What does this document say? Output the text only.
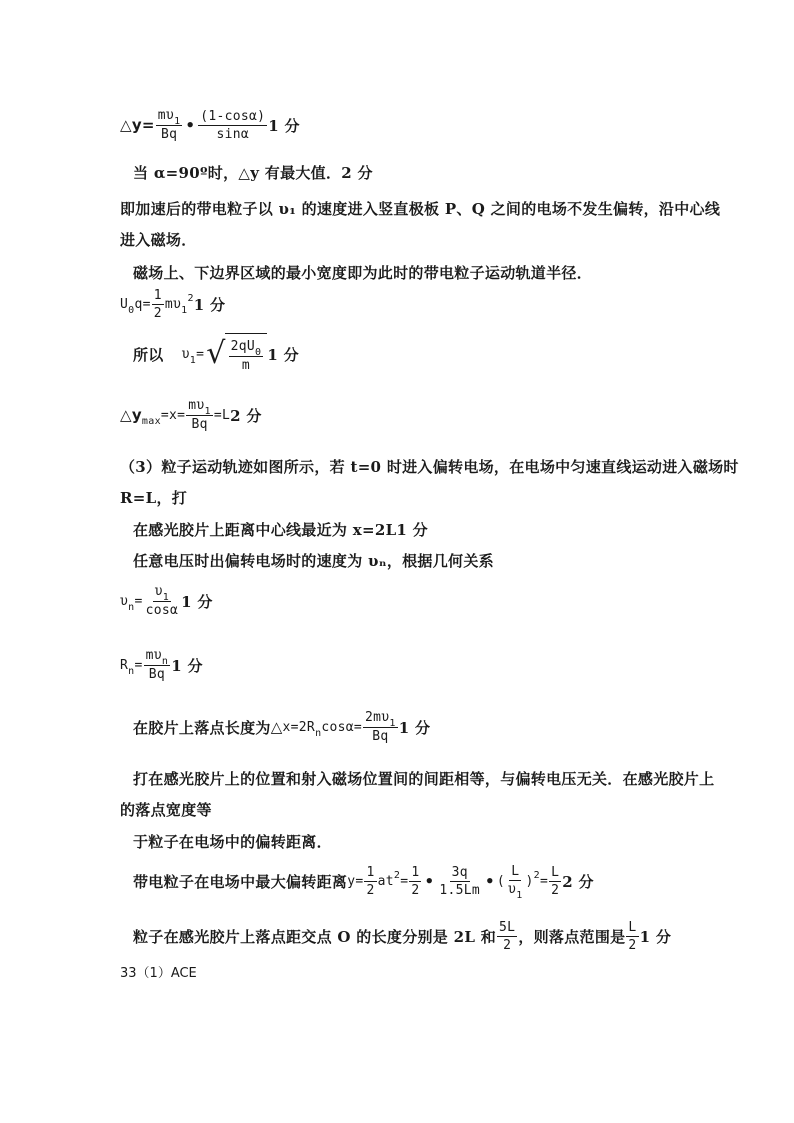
△y= $\frac{m\upsilon_1}{Bq}$ • $\frac{(1-\cos\alpha)}{\sin\alpha} 1$ 分
当 α=90º时，△y 有最大值．2 分
即加速后的带电粒子以 υ₁ 的速度进入竖直极板 P、Q 之间的电场不发生偏转，沿中心线
进入磁场．
磁场上、下边界区域的最小宽度即为此时的带电粒子运动轨道半径．
$U_0q= \frac{1}{2} m\upsilon_1^2$ 1 分
所以 $\upsilon_1=$ √ $\frac{2qU_0}{m} 1$ 分
△y $_{max}=x= \frac{m\upsilon_1}{Bq} =L$ 2 分
（3）粒子运动轨迹如图所示，若 t=0 时进入偏转电场，在电场中匀速直线运动进入磁场时
R=L，打
在感光胶片上距离中心线最近为 x=2L1 分
任意电压时出偏转电场时的速度为 υₙ，根据几何关系
$\upsilon_n= \frac{\upsilon_1}{\cos\alpha} 1$ 分
$R_n= \frac{m\upsilon_n}{Bq} 1$ 分
在胶片上落点长度为 △ $x=2R_n\cos\alpha= \frac{2m\upsilon_1}{Bq} 1$ 分
打在感光胶片上的位置和射入磁场位置间的间距相等，与偏转电压无关．在感光胶片上
的落点宽度等
于粒子在电场中的偏转距离．
带电粒子在电场中最大偏转距离 $y= \frac{1}{2} at^2= \frac{1}{2}$ • $\frac{3q}{1.5Lm}$ • ( $\frac{L}{\upsilon_1} )^2= \frac{L}{2} 2$ 分
粒子在感光胶片上落点距交点 O 的长度分别是 2L 和 $\frac{5L}{2}$ ，则落点范围是 $\frac{L}{2} 1$ 分
33（1）ACE
